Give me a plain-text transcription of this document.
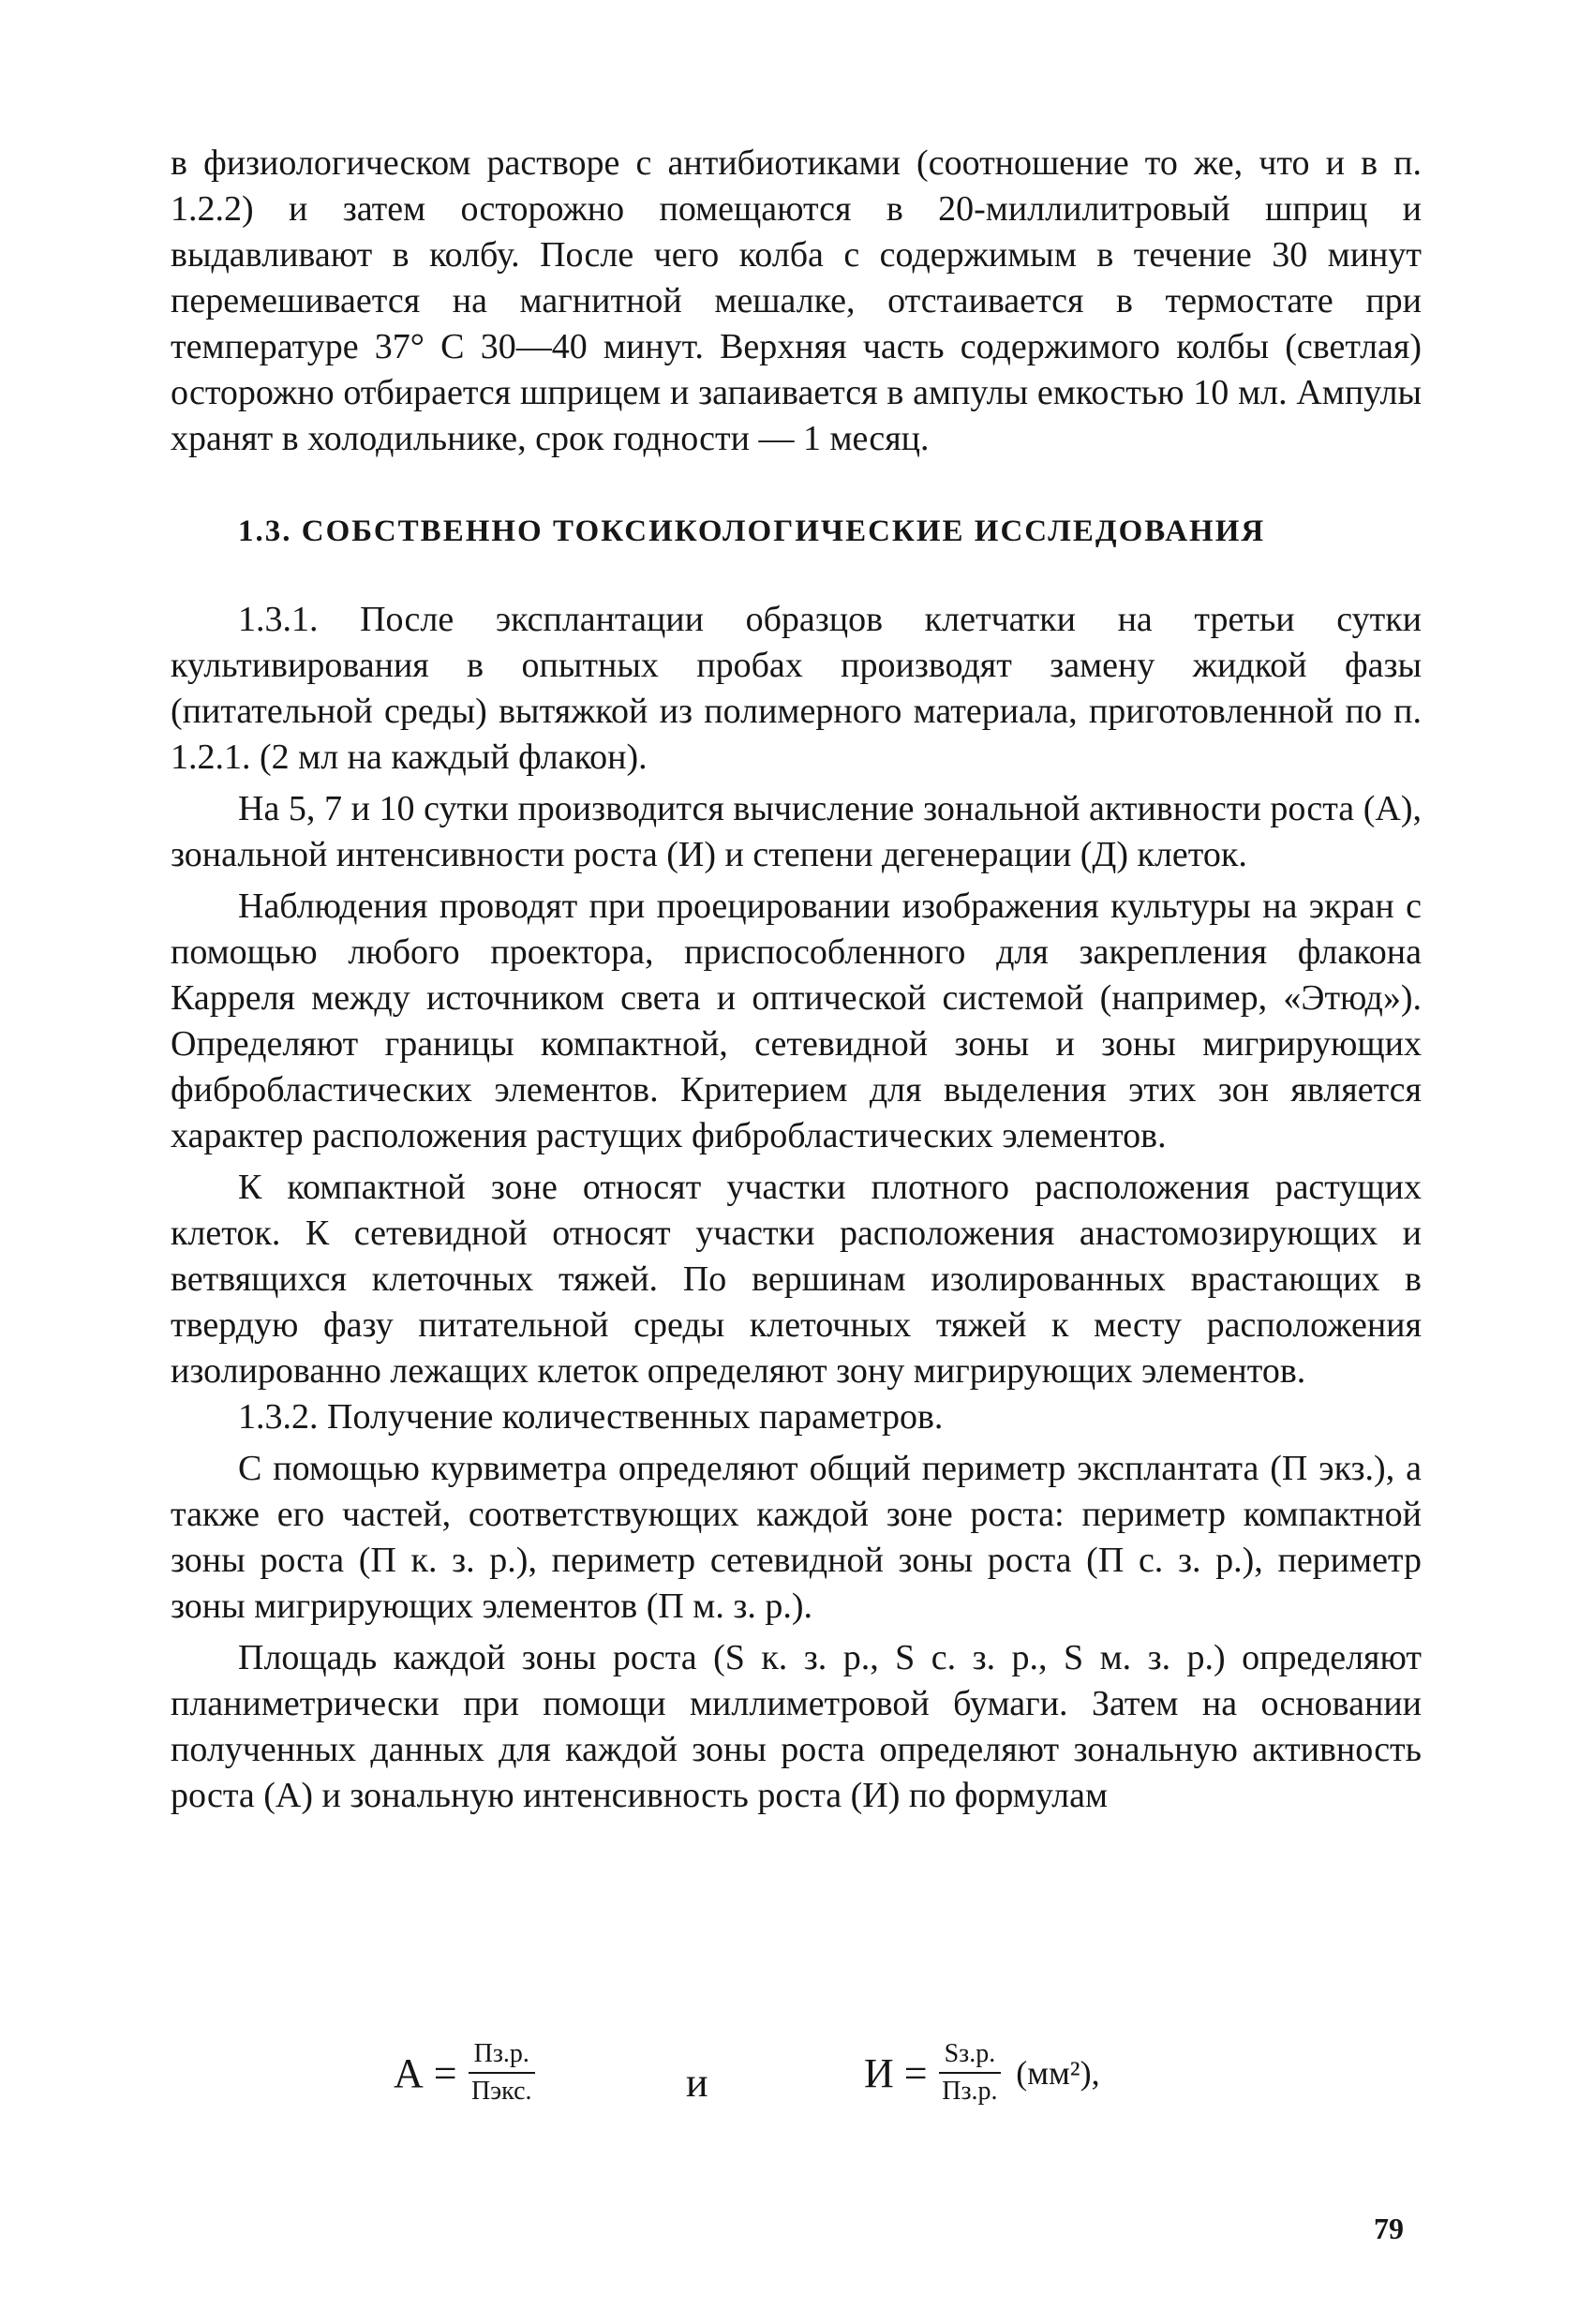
в физиологическом растворе с антибиотиками (соотношение то же, что и в п. 1.2.2) и затем осторожно помещаются в 20-миллилитровый шприц и выдавливают в колбу. После чего колба с содержимым в течение 30 минут перемешивается на магнитной мешалке, отстаивается в термостате при температуре 37° С 30—40 минут. Верхняя часть содержимого колбы (светлая) осторожно отбирается шприцем и запаивается в ампулы емкостью 10 мл. Ампулы хранят в холодильнике, срок годности — 1 месяц.

1.3. СОБСТВЕННО ТОКСИКОЛОГИЧЕСКИЕ ИССЛЕДОВАНИЯ

1.3.1. После эксплантации образцов клетчатки на третьи сутки культивирования в опытных пробах производят замену жидкой фазы (питательной среды) вытяжкой из полимерного материала, приготовленной по п. 1.2.1. (2 мл на каждый флакон).

На 5, 7 и 10 сутки производится вычисление зональной активности роста (А), зональной интенсивности роста (И) и степени дегенерации (Д) клеток.

Наблюдения проводят при проецировании изображения культуры на экран с помощью любого проектора, приспособленного для закрепления флакона Карреля между источником света и оптической системой (например, «Этюд»). Определяют границы компактной, сетевидной зоны и зоны мигрирующих фибробластических элементов. Критерием для выделения этих зон является характер расположения растущих фибробластических элементов.

К компактной зоне относят участки плотного расположения растущих клеток. К сетевидной относят участки расположения анастомозирующих и ветвящихся клеточных тяжей. По вершинам изолированных врастающих в твердую фазу питательной среды клеточных тяжей к месту расположения изолированно лежащих клеток определяют зону мигрирующих элементов.

1.3.2. Получение количественных параметров.

С помощью курвиметра определяют общий периметр эксплантата (П экз.), а также его частей, соответствующих каждой зоне роста: периметр компактной зоны роста (П к. з. р.), периметр сетевидной зоны роста (П с. з. р.), периметр зоны мигрирующих элементов (П м. з. р.).

Площадь каждой зоны роста (S к. з. р., S с. з. р., S м. з. р.) определяют планиметрически при помощи миллиметровой бумаги. Затем на основании полученных данных для каждой зоны роста определяют зональную активность роста (А) и зональную интенсивность роста (И) по формулам

$А = \frac{Пз.р.}{\text{Пэкс.}}$	и	$И = \frac{Sз.р.}{Пз.р.} (мм^2)$,
79
